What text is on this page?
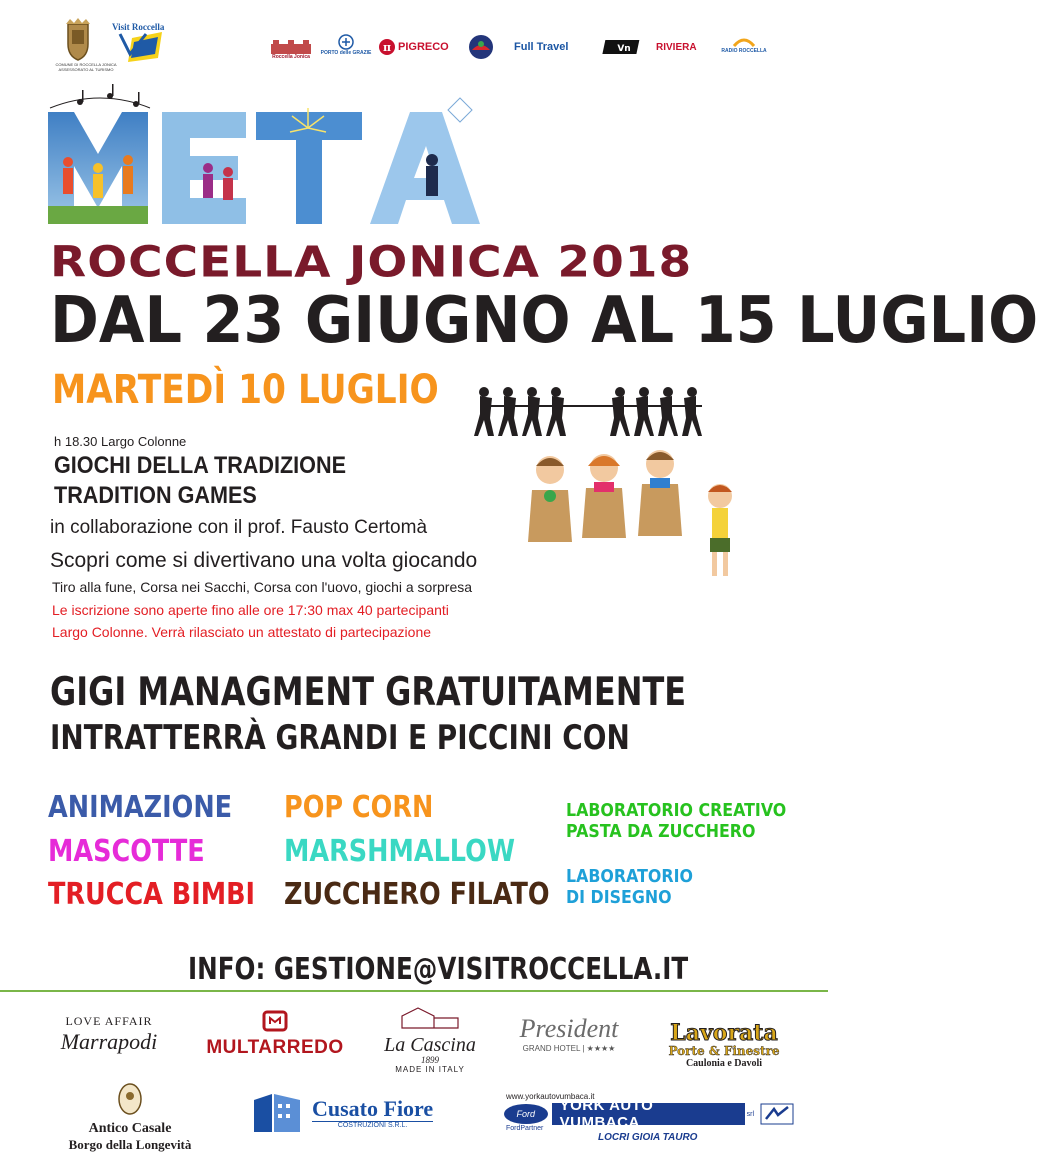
COMUNE DI ROCCELLA JONICA ASSESSORATO AL TURISMO
Visit Roccella
Roccella Jonica
PORTO delle GRAZIE π PIGRECO	Full Travel	Vn	RIVIERA	RADIO ROCCELLA
ROCCELLA JONICA 2018
DAL 23 GIUGNO AL 15 LUGLIO
MARTEDÌ 10 LUGLIO
h 18.30 Largo Colonne
GIOCHI DELLA TRADIZIONE
TRADITION GAMES
in collaborazione con il prof. Fausto Certomà
Scopri come si divertivano una volta giocando
Tiro alla fune, Corsa nei Sacchi, Corsa con l'uovo, giochi a sorpresa
Le iscrizione sono aperte fino alle ore 17:30 max 40 partecipanti
Largo Colonne. Verrà rilasciato un attestato di partecipazione
GIGI MANAGMENT GRATUITAMENTE
INTRATTERRÀ GRANDI E PICCINI CON
ANIMAZIONE
MASCOTTE
TRUCCA BIMBI
POP CORN
MARSHMALLOW
ZUCCHERO FILATO
LABORATORIO CREATIVO
PASTA DA ZUCCHERO
LABORATORIO
DI DISEGNO
INFO: GESTIONE@VISITROCCELLA.IT
LOVE AFFAIR
Marrapodi	MULTARREDO	La Cascina
1899
MADE IN ITALY
President
GRAND HOTEL | ★★★★
Lavorata
Porte & Finestre
Caulonia e Davoli
Antico Casale
Borgo della Longevità
Cusato Fiore
COSTRUZIONI S.R.L.
www.yorkautovumbaca.it
Ford	YORK AUTO VUMBACA	srl
FordPartner
LOCRI GIOIA TAURO
